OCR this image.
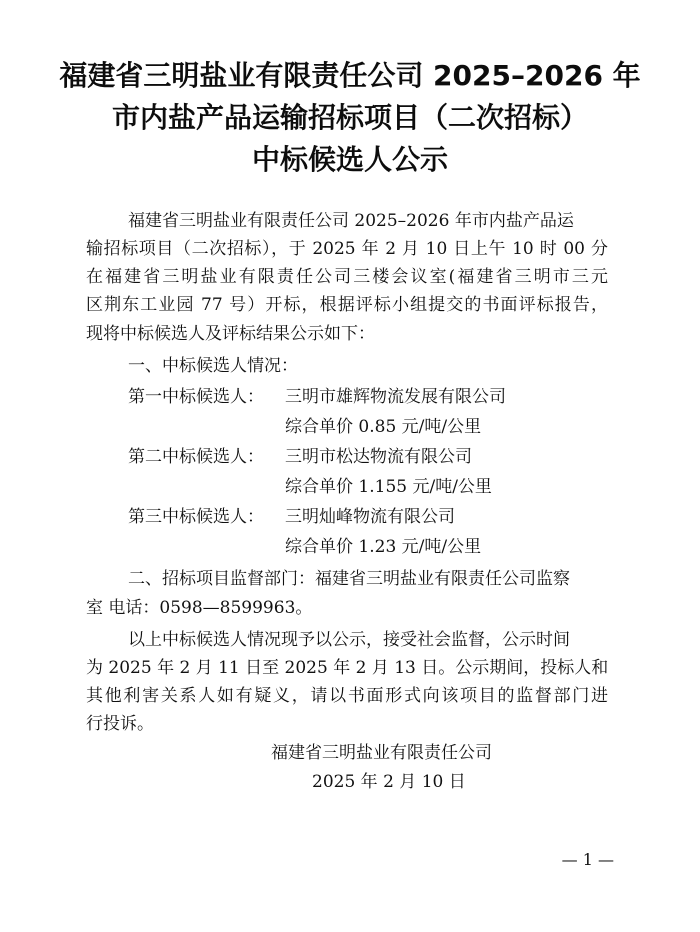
福建省三明盐业有限责任公司 2025–2026 年
市内盐产品运输招标项目（二次招标）
中标候选人公示
福建省三明盐业有限责任公司 2025–2026 年市内盐产品运
输招标项目（二次招标），于 2025 年 2 月 10 日上午 10 时 00 分
在福建省三明盐业有限责任公司三楼会议室(福建省三明市三元
区荆东工业园 77 号）开标，根据评标小组提交的书面评标报告，
现将中标候选人及评标结果公示如下：
一、中标候选人情况：
第一中标候选人： 三明市雄辉物流发展有限公司
综合单价 0.85 元/吨/公里
第二中标候选人： 三明市松达物流有限公司
综合单价 1.155 元/吨/公里
第三中标候选人： 三明灿峰物流有限公司
综合单价 1.23 元/吨/公里
二、招标项目监督部门：福建省三明盐业有限责任公司监察
室 电话：0598—8599963。
以上中标候选人情况现予以公示，接受社会监督，公示时间
为 2025 年 2 月 11 日至 2025 年 2 月 13 日。公示期间，投标人和
其他利害关系人如有疑义，请以书面形式向该项目的监督部门进
行投诉。
福建省三明盐业有限责任公司
2025 年 2 月 10 日
— 1 —
